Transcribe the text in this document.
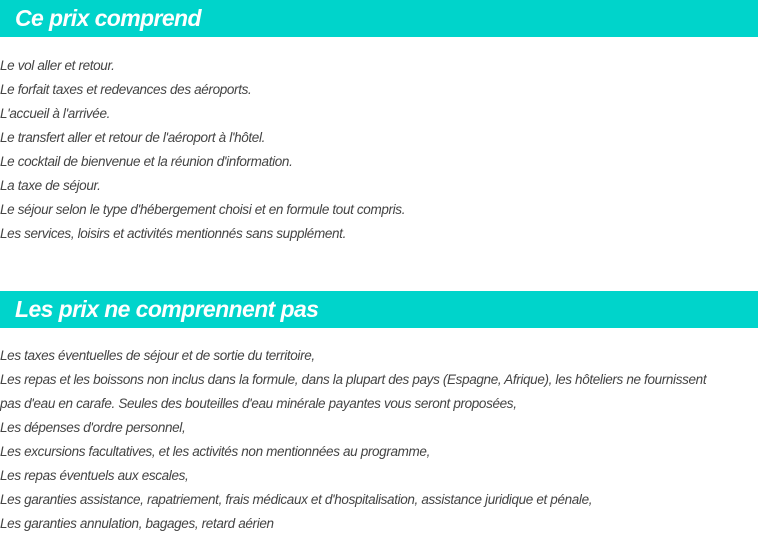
Ce prix comprend
Le vol aller et retour.
Le forfait taxes et redevances des aéroports.
L'accueil à l'arrivée.
Le transfert aller et retour de l'aéroport à l'hôtel.
Le cocktail de bienvenue et la réunion d'information.
La taxe de séjour.
Le séjour selon le type d'hébergement choisi et en formule tout compris.
Les services, loisirs et activités mentionnés sans supplément.
Les prix ne comprennent pas
Les taxes éventuelles de séjour et de sortie du territoire,
Les repas et les boissons non inclus dans la formule, dans la plupart des pays (Espagne, Afrique), les hôteliers ne fournissent pas d'eau en carafe. Seules des bouteilles d'eau minérale payantes vous seront proposées,
Les dépenses d'ordre personnel,
Les excursions facultatives, et les activités non mentionnées au programme,
Les repas éventuels aux escales,
Les garanties assistance, rapatriement, frais médicaux et d'hospitalisation, assistance juridique et pénale,
Les garanties annulation, bagages, retard aérien
